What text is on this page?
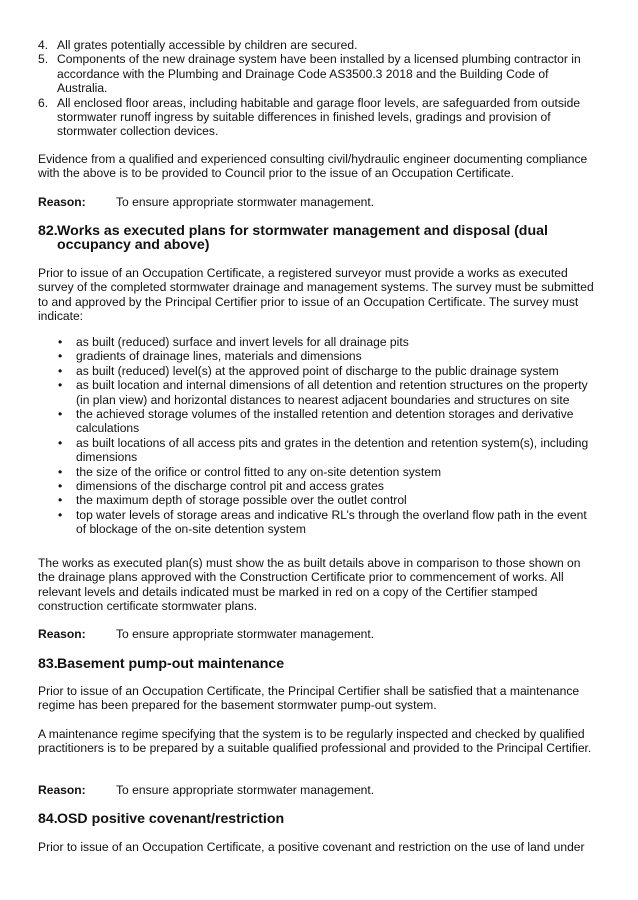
4. All grates potentially accessible by children are secured.
5. Components of the new drainage system have been installed by a licensed plumbing contractor in accordance with the Plumbing and Drainage Code AS3500.3 2018 and the Building Code of Australia.
6. All enclosed floor areas, including habitable and garage floor levels, are safeguarded from outside stormwater runoff ingress by suitable differences in finished levels, gradings and provision of stormwater collection devices.

Evidence from a qualified and experienced consulting civil/hydraulic engineer documenting compliance with the above is to be provided to Council prior to the issue of an Occupation Certificate.

Reason:	To ensure appropriate stormwater management.

82. Works as executed plans for stormwater management and disposal (dual occupancy and above)

Prior to issue of an Occupation Certificate, a registered surveyor must provide a works as executed survey of the completed stormwater drainage and management systems. The survey must be submitted to and approved by the Principal Certifier prior to issue of an Occupation Certificate. The survey must indicate:

• as built (reduced) surface and invert levels for all drainage pits
• gradients of drainage lines, materials and dimensions
• as built (reduced) level(s) at the approved point of discharge to the public drainage system
• as built location and internal dimensions of all detention and retention structures on the property (in plan view) and horizontal distances to nearest adjacent boundaries and structures on site
• the achieved storage volumes of the installed retention and detention storages and derivative calculations
• as built locations of all access pits and grates in the detention and retention system(s), including dimensions
• the size of the orifice or control fitted to any on-site detention system
• dimensions of the discharge control pit and access grates
• the maximum depth of storage possible over the outlet control
• top water levels of storage areas and indicative RL’s through the overland flow path in the event of blockage of the on-site detention system

The works as executed plan(s) must show the as built details above in comparison to those shown on the drainage plans approved with the Construction Certificate prior to commencement of works. All relevant levels and details indicated must be marked in red on a copy of the Certifier stamped construction certificate stormwater plans.

Reason:	To ensure appropriate stormwater management.

83. Basement pump-out maintenance

Prior to issue of an Occupation Certificate, the Principal Certifier shall be satisfied that a maintenance regime has been prepared for the basement stormwater pump-out system.

A maintenance regime specifying that the system is to be regularly inspected and checked by qualified practitioners is to be prepared by a suitable qualified professional and provided to the Principal Certifier.

Reason:	To ensure appropriate stormwater management.

84. OSD positive covenant/restriction

Prior to issue of an Occupation Certificate, a positive covenant and restriction on the use of land under
